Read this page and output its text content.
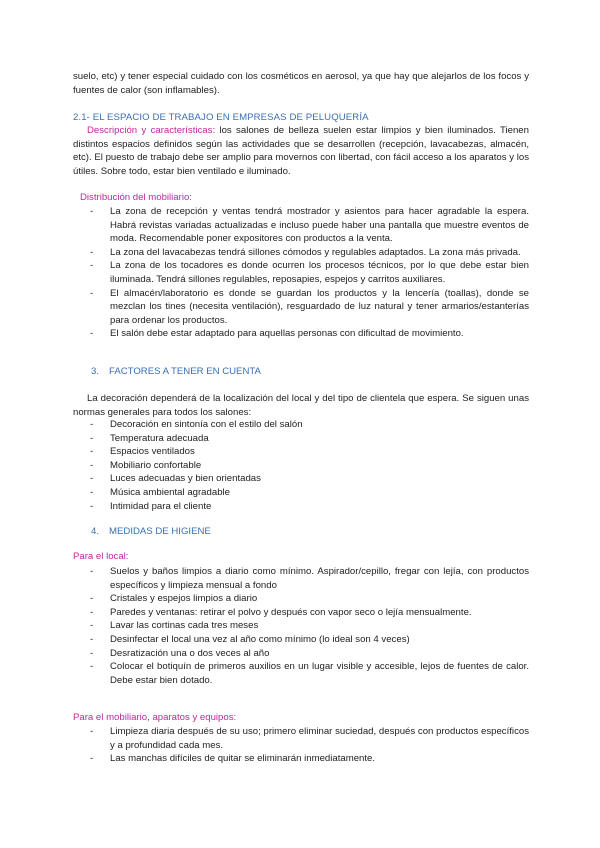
suelo, etc) y tener especial cuidado con los cosméticos en aerosol, ya que hay que alejarlos de los focos y fuentes de calor (son inflamables).

2.1- EL ESPACIO DE TRABAJO EN EMPRESAS DE PELUQUERÍA

Descripción y características: los salones de belleza suelen estar limpios y bien iluminados. Tienen distintos espacios definidos según las actividades que se desarrollen (recepción, lavacabezas, almacén, etc). El puesto de trabajo debe ser amplio para movernos con libertad, con fácil acceso a los aparatos y los útiles. Sobre todo, estar bien ventilado e iluminado.

Distribución del mobiliario:
- La zona de recepción y ventas tendrá mostrador y asientos para hacer agradable la espera. Habrá revistas variadas actualizadas e incluso puede haber una pantalla que muestre eventos de moda. Recomendable poner expositores con productos a la venta.
- La zona del lavacabezas tendrá sillones cómodos y regulables adaptados. La zona más privada.
- La zona de los tocadores es donde ocurren los procesos técnicos, por lo que debe estar bien iluminada. Tendrá sillones regulables, reposapies, espejos y carritos auxiliares.
- El almacén/laboratorio es donde se guardan los productos y la lencería (toallas), donde se mezclan los tines (necesita ventilación), resguardado de luz natural y tener armarios/estanterías para ordenar los productos.
- El salón debe estar adaptado para aquellas personas con dificultad de movimiento.
3. FACTORES A TENER EN CUENTA

La decoración dependerá de la localización del local y del tipo de clientela que espera. Se siguen unas normas generales para todos los salones:

- Decoración en sintonía con el estilo del salón
- Temperatura adecuada
- Espacios ventilados
- Mobiliario confortable
- Luces adecuadas y bien orientadas
- Música ambiental agradable
- Intimidad para el cliente
4. MEDIDAS DE HIGIENE
Para el local:
- Suelos y baños limpios a diario como mínimo. Aspirador/cepillo, fregar con lejía, con productos específicos y limpieza mensual a fondo
- Cristales y espejos limpios a diario
- Paredes y ventanas: retirar el polvo y después con vapor seco o lejía mensualmente.
- Lavar las cortinas cada tres meses
- Desinfectar el local una vez al año como mínimo (lo ideal son 4 veces)
- Desratización una o dos veces al año
- Colocar el botiquín de primeros auxilios en un lugar visible y accesible, lejos de fuentes de calor. Debe estar bien dotado.
Para el mobiliario, aparatos y equipos:
- Limpieza diaria después de su uso; primero eliminar suciedad, después con productos específicos y a profundidad cada mes.
- Las manchas difíciles de quitar se eliminarán inmediatamente.
